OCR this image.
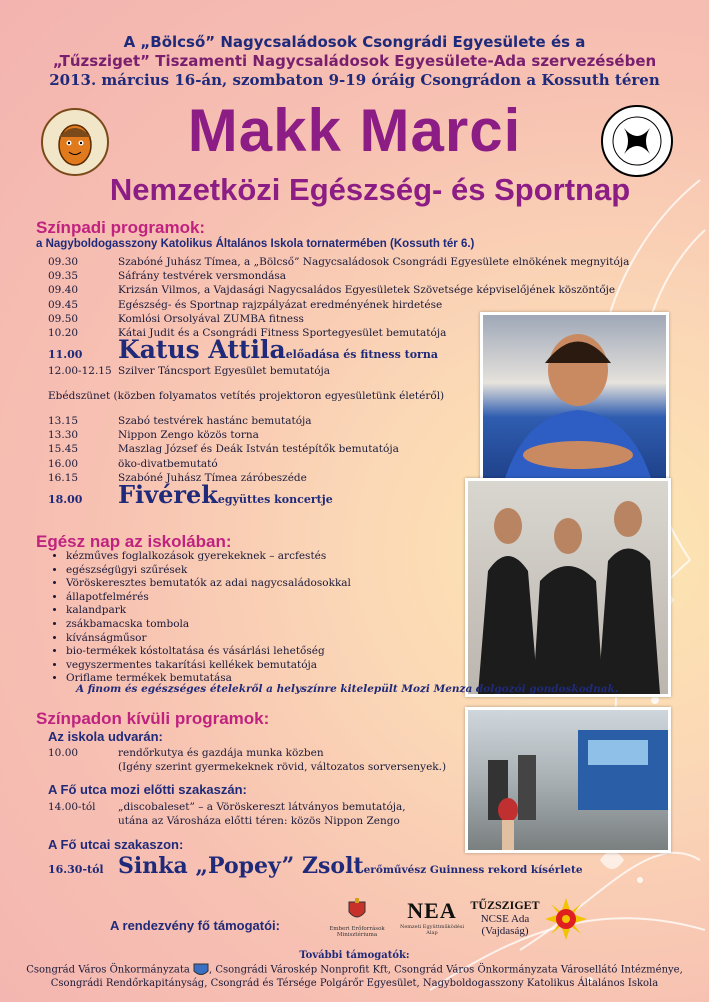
A „Bölcső” Nagycsaládosok Csongrádi Egyesülete és a
„Tűzsziget” Tiszamenti Nagycsaládosok Egyesülete-Ada szervezésében
2013. március 16-án, szombaton 9-19 óráig Csongrádon a Kossuth téren
Makk Marci
Nemzetközi Egészség- és Sportnap
Színpadi programok:
a Nagyboldogasszony Katolikus Általános Iskola tornatermében (Kossuth tér 6.)
09.30	Szabóné Juhász Tímea, a „Bölcső” Nagycsaládosok Csongrádi Egyesülete elnökének megnyitója
09.35	Sáfrány testvérek versmondása
09.40	Krizsán Vilmos, a Vajdasági Nagycsaládos Egyesületek Szövetsége képviselőjének köszöntője
09.45	Egészség- és Sportnap rajzpályázat eredményének hirdetése
09.50	Komlósi Orsolyával ZUMBA fitness
10.20	Kátai Judit és a Csongrádi Fitness Sportegyesület bemutatója
11.00 Katus Attilaelőadása és fitness torna
12.00-12.15 Szilver Táncsport Egyesület bemutatója
Ebédszünet (közben folyamatos vetítés projektoron egyesületünk életéről)
13.15	Szabó testvérek hastánc bemutatója
13.30	Nippon Zengo közös torna
15.45	Maszlag József és Deák István testépítők bemutatója
16.00	öko-divatbemutató
16.15	Szabóné Juhász Tímea záróbeszéde
18.00 Fivérekegyüttes koncertje
Egész nap az iskolában:
• kézműves foglalkozások gyerekeknek – arcfestés
• egészségügyi szűrések
• Vöröskeresztes bemutatók az adai nagycsaládosokkal
• állapotfelmérés
• kalandpark
• zsákbamacska tombola
• kívánságműsor
• bio-termékek kóstoltatása és vásárlási lehetőség
• vegyszermentes takarítási kellékek bemutatója
• Oriflame termékek bemutatása
A finom és egészséges ételekről a helyszínre kitelepült Mozi Menza dolgozói gondoskodnak.
Színpadon kívüli programok:
Az iskola udvarán:
10.00	rendőrkutya és gazdája munka közben
(Igény szerint gyermekeknek rövid, változatos sorversenyek.)
A Fő utca mozi előtti szakaszán:
14.00-tól „discobaleset” – a Vöröskereszt látványos bemutatója,
utána az Városháza előtti téren: közös Nippon Zengo
A Fő utcai szakaszon:
16.30-tól Sinka „Popey” Zsolterőművész Guinness rekord kísérlete
A rendezvény fő támogatói:	Emberi Erőforrások Minisztériuma
NEA
Nemzeti Együttműködési Alap
TŰZSZIGET
NCSE Ada
(Vajdaság)
További támogatók:
Csongrád Város Önkormányzata , Csongrádi Városkép Nonprofit Kft, Csongrád Város Önkormányzata Városellátó Intézménye,
Csongrádi Rendőrkapitányság, Csongrád és Térsége Polgárőr Egyesület, Nagyboldogasszony Katolikus Általános Iskola
